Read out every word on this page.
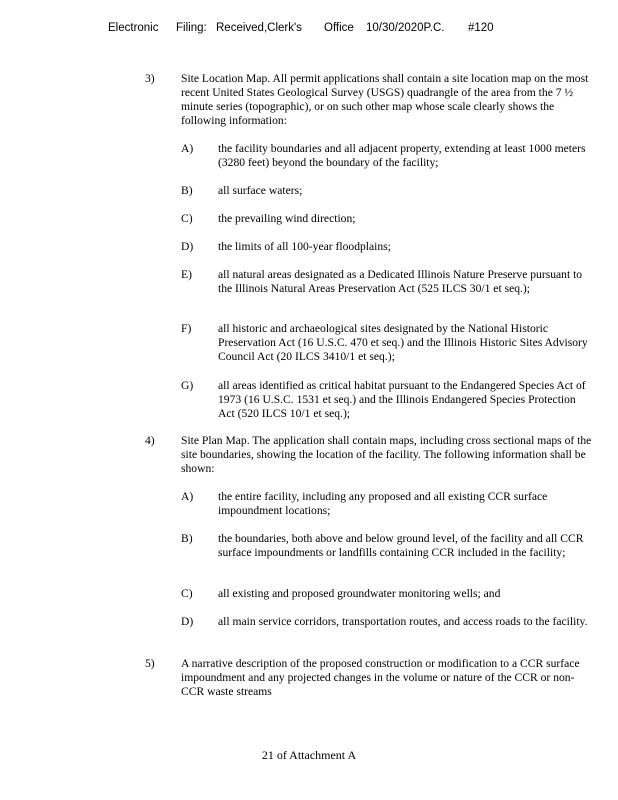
Electronic Filing: Received,Clerk's Office 10/30/2020P.C. #120
3) Site Location Map. All permit applications shall contain a site location map on the most recent United States Geological Survey (USGS) quadrangle of the area from the 7 ½ minute series (topographic), or on such other map whose scale clearly shows the following information:
A) the facility boundaries and all adjacent property, extending at least 1000 meters (3280 feet) beyond the boundary of the facility;
B) all surface waters;
C) the prevailing wind direction;
D) the limits of all 100-year floodplains;
E) all natural areas designated as a Dedicated Illinois Nature Preserve pursuant to the Illinois Natural Areas Preservation Act (525 ILCS 30/1 et seq.);
F) all historic and archaeological sites designated by the National Historic Preservation Act (16 U.S.C. 470 et seq.) and the Illinois Historic Sites Advisory Council Act (20 ILCS 3410/1 et seq.);
G) all areas identified as critical habitat pursuant to the Endangered Species Act of 1973 (16 U.S.C. 1531 et seq.) and the Illinois Endangered Species Protection Act (520 ILCS 10/1 et seq.);
4) Site Plan Map. The application shall contain maps, including cross sectional maps of the site boundaries, showing the location of the facility. The following information shall be shown:
A) the entire facility, including any proposed and all existing CCR surface impoundment locations;
B) the boundaries, both above and below ground level, of the facility and all CCR surface impoundments or landfills containing CCR included in the facility;
C) all existing and proposed groundwater monitoring wells; and
D) all main service corridors, transportation routes, and access roads to the facility.
5) A narrative description of the proposed construction or modification to a CCR surface impoundment and any projected changes in the volume or nature of the CCR or non-CCR waste streams
21 of Attachment A
